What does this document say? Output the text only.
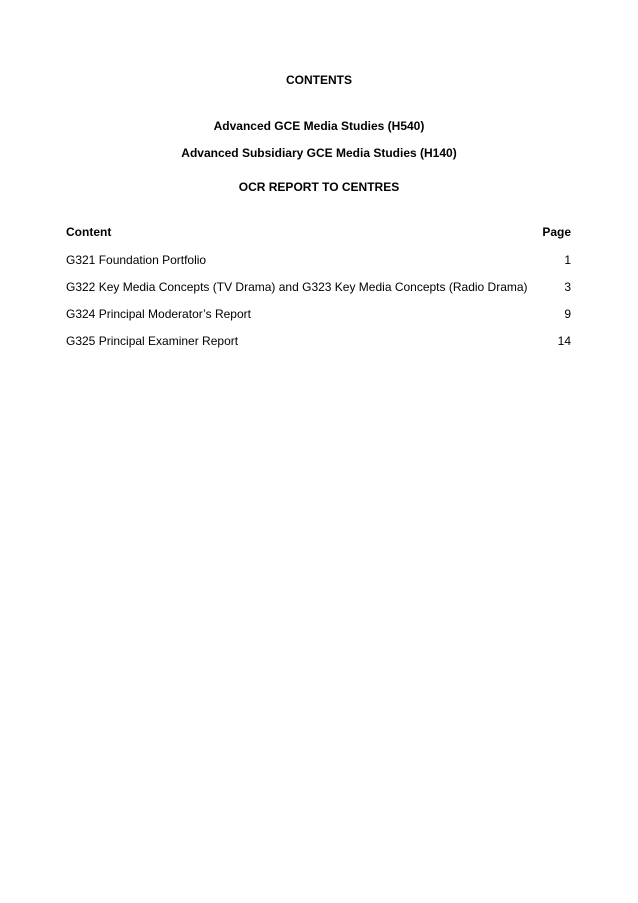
CONTENTS
Advanced GCE Media Studies (H540)
Advanced Subsidiary GCE Media Studies (H140)
OCR REPORT TO CENTRES
Content	Page
G321 Foundation Portfolio	1
G322 Key Media Concepts (TV Drama) and G323 Key Media Concepts (Radio Drama)	3
G324 Principal Moderator’s Report	9
G325 Principal Examiner Report	14
